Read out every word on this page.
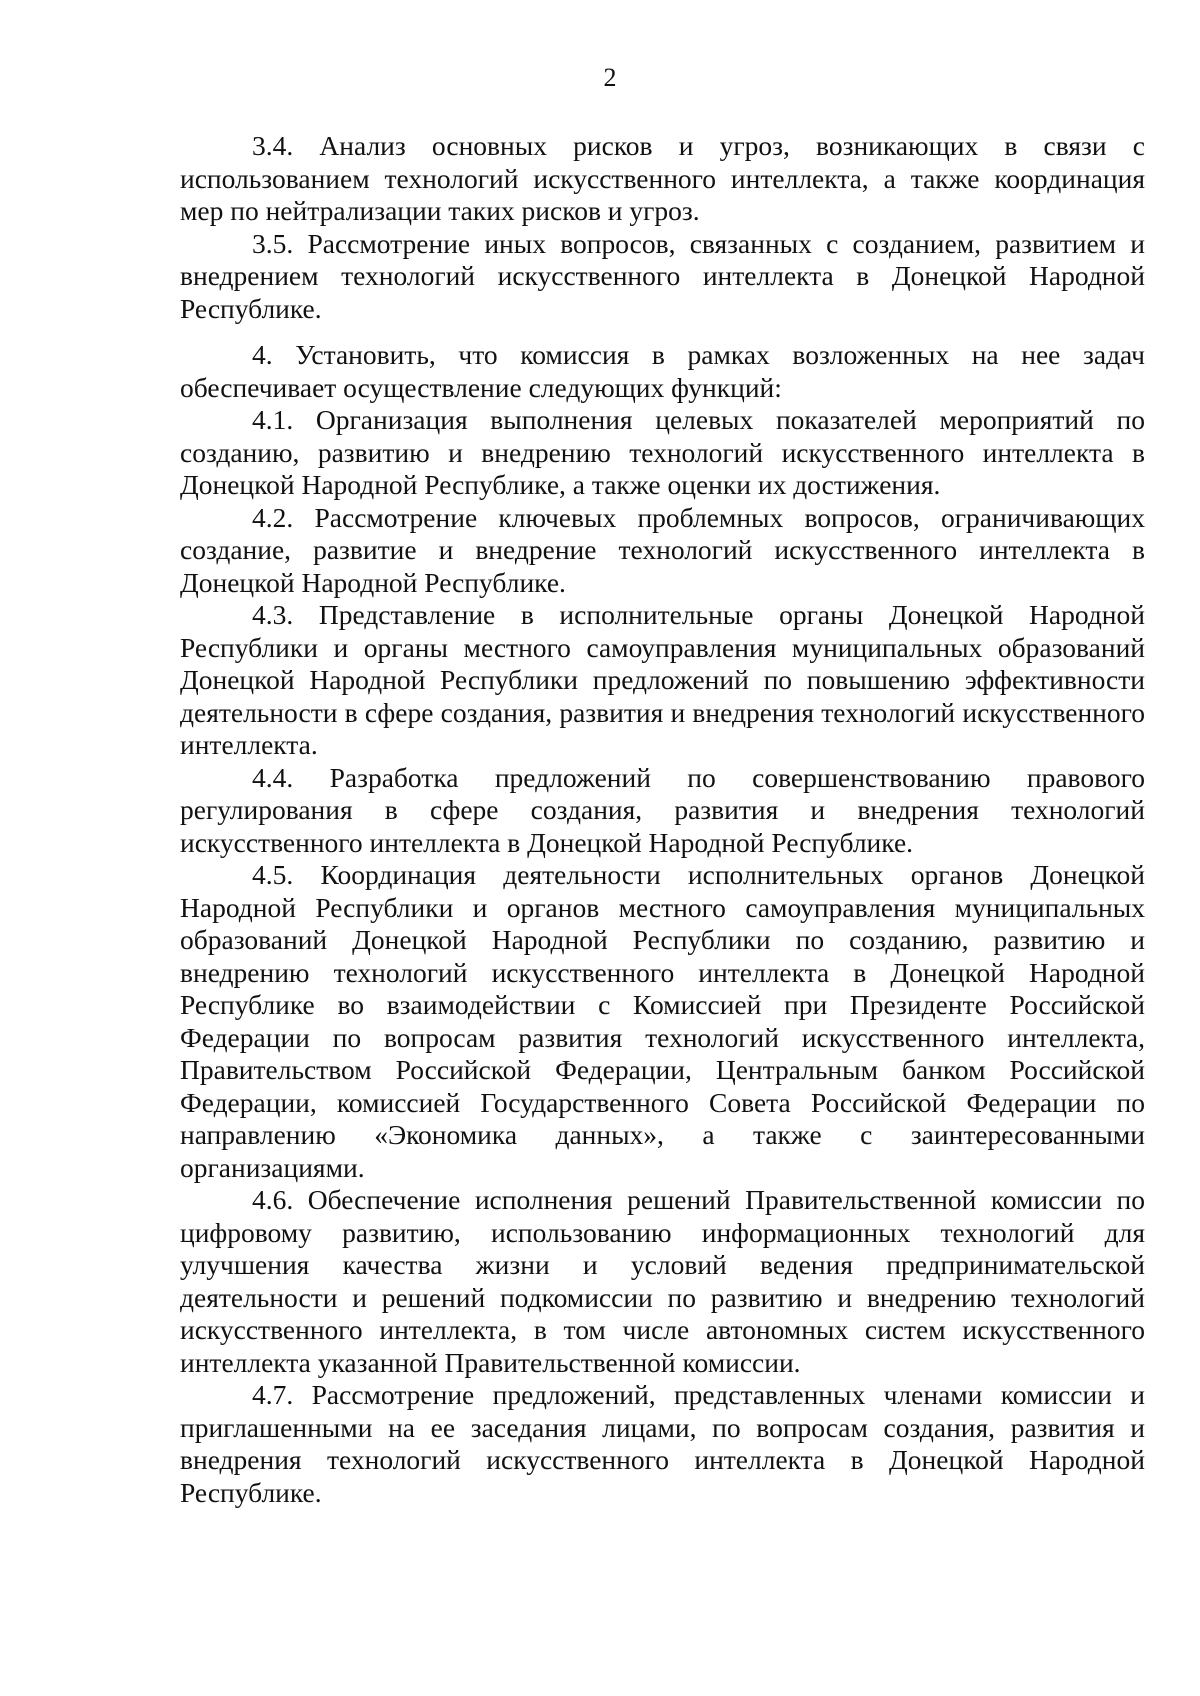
2

3.4. Анализ основных рисков и угроз, возникающих в связи с использованием технологий искусственного интеллекта, а также координация мер по нейтрализации таких рисков и угроз.

3.5. Рассмотрение иных вопросов, связанных с созданием, развитием и внедрением технологий искусственного интеллекта в Донецкой Народной Республике.

4. Установить, что комиссия в рамках возложенных на нее задач обеспечивает осуществление следующих функций:

4.1. Организация выполнения целевых показателей мероприятий по созданию, развитию и внедрению технологий искусственного интеллекта в Донецкой Народной Республике, а также оценки их достижения.

4.2. Рассмотрение ключевых проблемных вопросов, ограничивающих создание, развитие и внедрение технологий искусственного интеллекта в Донецкой Народной Республике.

4.3. Представление в исполнительные органы Донецкой Народной Республики и органы местного самоуправления муниципальных образований Донецкой Народной Республики предложений по повышению эффективности деятельности в сфере создания, развития и внедрения технологий искусственного интеллекта.

4.4. Разработка предложений по совершенствованию правового регулирования в сфере создания, развития и внедрения технологий искусственного интеллекта в Донецкой Народной Республике.

4.5. Координация деятельности исполнительных органов Донецкой Народной Республики и органов местного самоуправления муниципальных образований Донецкой Народной Республики по созданию, развитию и внедрению технологий искусственного интеллекта в Донецкой Народной Республике во взаимодействии с Комиссией при Президенте Российской Федерации по вопросам развития технологий искусственного интеллекта, Правительством Российской Федерации, Центральным банком Российской Федерации, комиссией Государственного Совета Российской Федерации по направлению «Экономика данных», а также с заинтересованными организациями.

4.6. Обеспечение исполнения решений Правительственной комиссии по цифровому развитию, использованию информационных технологий для улучшения качества жизни и условий ведения предпринимательской деятельности и решений подкомиссии по развитию и внедрению технологий искусственного интеллекта, в том числе автономных систем искусственного интеллекта указанной Правительственной комиссии.

4.7. Рассмотрение предложений, представленных членами комиссии и приглашенными на ее заседания лицами, по вопросам создания, развития и внедрения технологий искусственного интеллекта в Донецкой Народной Республике.
